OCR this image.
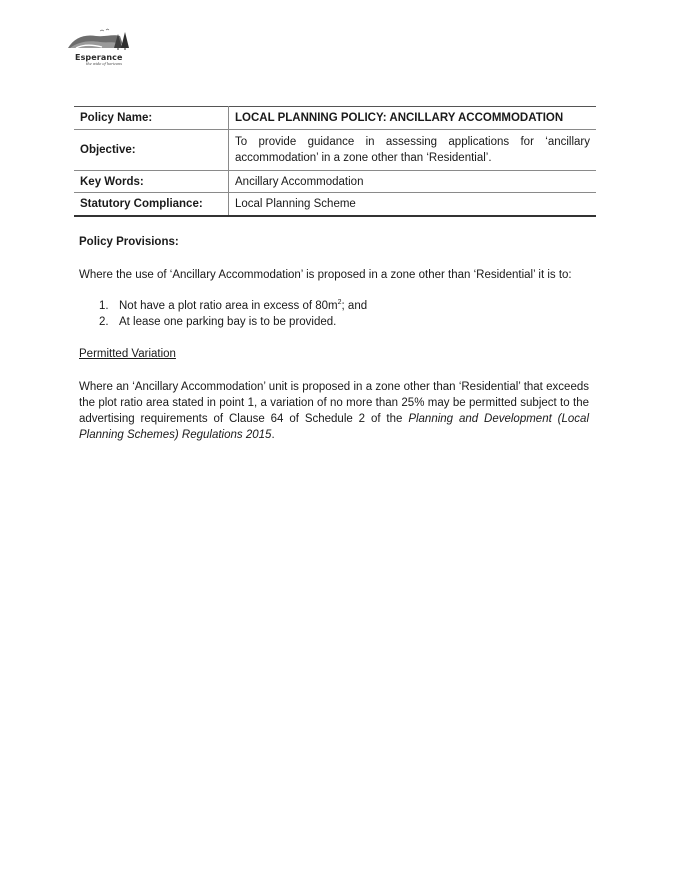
Esperance
the wide of horizons
Policy Name:	LOCAL PLANNING POLICY: ANCILLARY ACCOMMODATION
Objective:	To provide guidance in assessing applications for ‘ancillary accommodation’ in a zone other than ‘Residential’.
Key Words:	Ancillary Accommodation
Statutory Compliance:	Local Planning Scheme

Policy Provisions:

Where the use of ‘Ancillary Accommodation’ is proposed in a zone other than ‘Residential’ it is to:

1. Not have a plot ratio area in excess of $80m^2$; and
2. At lease one parking bay is to be provided.

Permitted Variation

Where an ‘Ancillary Accommodation’ unit is proposed in a zone other than ‘Residential’ that exceeds the plot ratio area stated in point 1, a variation of no more than 25% may be permitted subject to the advertising requirements of Clause 64 of Schedule 2 of the Planning and Development (Local Planning Schemes) Regulations 2015.
